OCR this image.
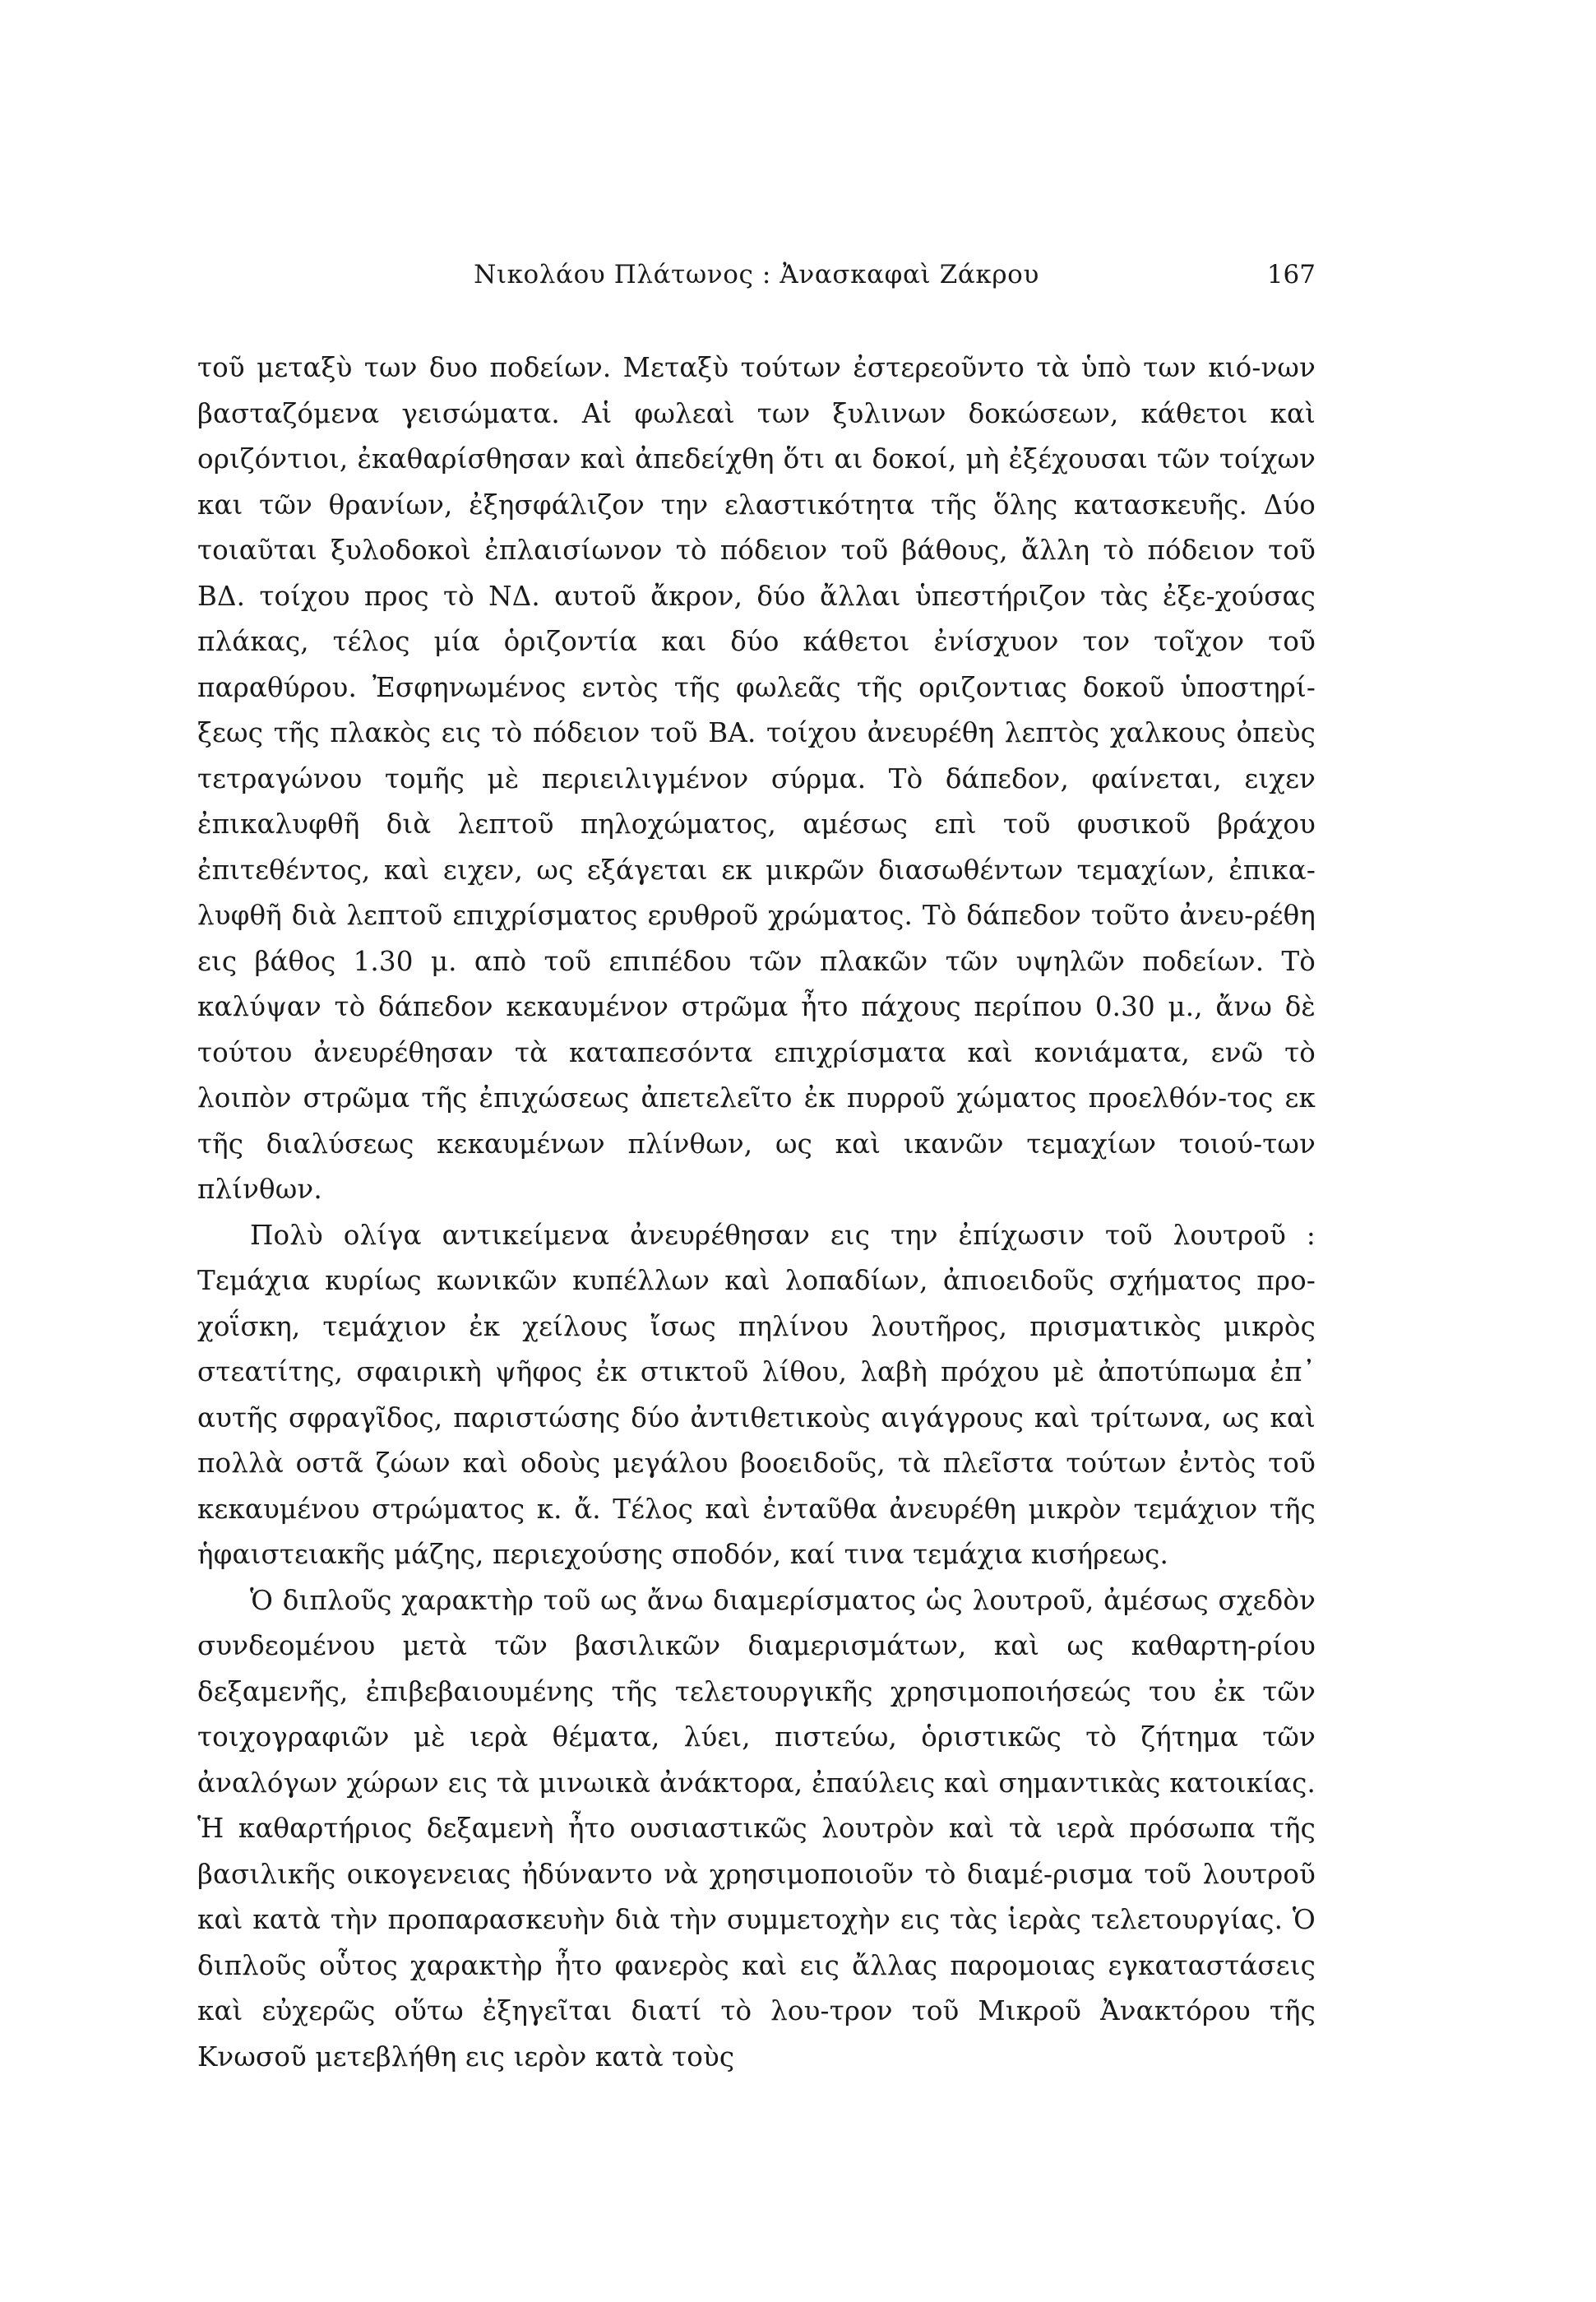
Νικολάου Πλάτωνος : Ἀνασκαφαὶ Ζάκρου	167

τοῦ μεταξὺ των δυο ποδείων. Μεταξὺ τούτων ἐστερεοῦντο τὰ ὑπὸ των κιό-νων βασταζόμενα γεισώματα. Αἱ φωλεαὶ των ξυλινων δοκώσεων, κάθετοι καὶ οριζόντιοι, ἐκαθαρίσθησαν καὶ ἀπεδείχθη ὅτι αι δοκοί, μὴ ἐξέχουσαι τῶν τοίχων και τῶν θρανίων, ἐξησφάλιζον την ελαστικότητα τῆς ὅλης κατασκευῆς. Δύο τοιαῦται ξυλοδοκοὶ ἐπλαισίωνον τὸ πόδειον τοῦ βάθους, ἄλλη τὸ πόδειον τοῦ ΒΔ. τοίχου προς τὸ ΝΔ. αυτοῦ ἄκρον, δύο ἄλλαι ὑπεστήριζον τὰς ἐξε-χούσας πλάκας, τέλος μία ὁριζοντία και δύο κάθετοι ἐνίσχυον τον τοῖχον τοῦ παραθύρου. Ἐσφηνωμένος εντὸς τῆς φωλεᾶς τῆς οριζοντιας δοκοῦ ὑποστηρί-ξεως τῆς πλακὸς εις τὸ πόδειον τοῦ ΒΑ. τοίχου ἀνευρέθη λεπτὸς χαλκους ὀπεὺς τετραγώνου τομῆς μὲ περιειλιγμένον σύρμα. Τὸ δάπεδον, φαίνεται, ειχεν ἐπικαλυφθῆ διὰ λεπτοῦ πηλοχώματος, αμέσως επὶ τοῦ φυσικοῦ βράχου ἐπιτεθέντος, καὶ ειχεν, ως εξάγεται εκ μικρῶν διασωθέντων τεμαχίων, ἐπικα-λυφθῆ διὰ λεπτοῦ επιχρίσματος ερυθροῦ χρώματος. Τὸ δάπεδον τοῦτο ἀνευ-ρέθη εις βάθος 1.30 μ. απὸ τοῦ επιπέδου τῶν πλακῶν τῶν υψηλῶν ποδείων. Τὸ καλύψαν τὸ δάπεδον κεκαυμένον στρῶμα ἦτο πάχους περίπου 0.30 μ., ἄνω δὲ τούτου ἀνευρέθησαν τὰ καταπεσόντα επιχρίσματα καὶ κονιάματα, ενῶ τὸ λοιπὸν στρῶμα τῆς ἐπιχώσεως ἀπετελεῖτο ἐκ πυρροῦ χώματος προελθόν-τος εκ τῆς διαλύσεως κεκαυμένων πλίνθων, ως καὶ ικανῶν τεμαχίων τοιού-των πλίνθων.

Πολὺ ολίγα αντικείμενα ἀνευρέθησαν εις την ἐπίχωσιν τοῦ λουτροῦ : Τεμάχια κυρίως κωνικῶν κυπέλλων καὶ λοπαδίων, ἀπιοειδοῦς σχήματος προ-χοΐσκη, τεμάχιον ἐκ χείλους ἴσως πηλίνου λουτῆρος, πρισματικὸς μικρὸς στεατίτης, σφαιρικὴ ψῆφος ἐκ στικτοῦ λίθου, λαβὴ πρόχου μὲ ἀποτύπωμα ἐπ᾿ αυτῆς σφραγῖδος, παριστώσης δύο ἀντιθετικοὺς αιγάγρους καὶ τρίτωνα, ως καὶ πολλὰ οστᾶ ζώων καὶ οδοὺς μεγάλου βοοειδοῦς, τὰ πλεῖστα τούτων ἐντὸς τοῦ κεκαυμένου στρώματος κ. ἄ. Τέλος καὶ ἐνταῦθα ἀνευρέθη μικρὸν τεμάχιον τῆς ἡφαιστειακῆς μάζης, περιεχούσης σποδόν, καί τινα τεμάχια κισήρεως.

Ὁ διπλοῦς χαρακτὴρ τοῦ ως ἄνω διαμερίσματος ὡς λουτροῦ, ἀμέσως σχεδὸν συνδεομένου μετὰ τῶν βασιλικῶν διαμερισμάτων, καὶ ως καθαρτη-ρίου δεξαμενῆς, ἐπιβεβαιουμένης τῆς τελετουργικῆς χρησιμοποιήσεώς του ἐκ τῶν τοιχογραφιῶν μὲ ιερὰ θέματα, λύει, πιστεύω, ὁριστικῶς τὸ ζήτημα τῶν ἀναλόγων χώρων εις τὰ μινωικὰ ἀνάκτορα, ἐπαύλεις καὶ σημαντικὰς κατοικίας. Ἡ καθαρτήριος δεξαμενὴ ἦτο ουσιαστικῶς λουτρὸν καὶ τὰ ιερὰ πρόσωπα τῆς βασιλικῆς οικογενειας ἠδύναντο νὰ χρησιμοποιοῦν τὸ διαμέ-ρισμα τοῦ λουτροῦ καὶ κατὰ τὴν προπαρασκευὴν διὰ τὴν συμμετοχὴν εις τὰς ἱερὰς τελετουργίας. Ὁ διπλοῦς οὗτος χαρακτὴρ ἦτο φανερὸς καὶ εις ἄλλας παρομοιας εγκαταστάσεις καὶ εὐχερῶς οὕτω ἐξηγεῖται διατί τὸ λου-τρον τοῦ Μικροῦ Ἀνακτόρου τῆς Κνωσοῦ μετεβλήθη εις ιερὸν κατὰ τοὺς
